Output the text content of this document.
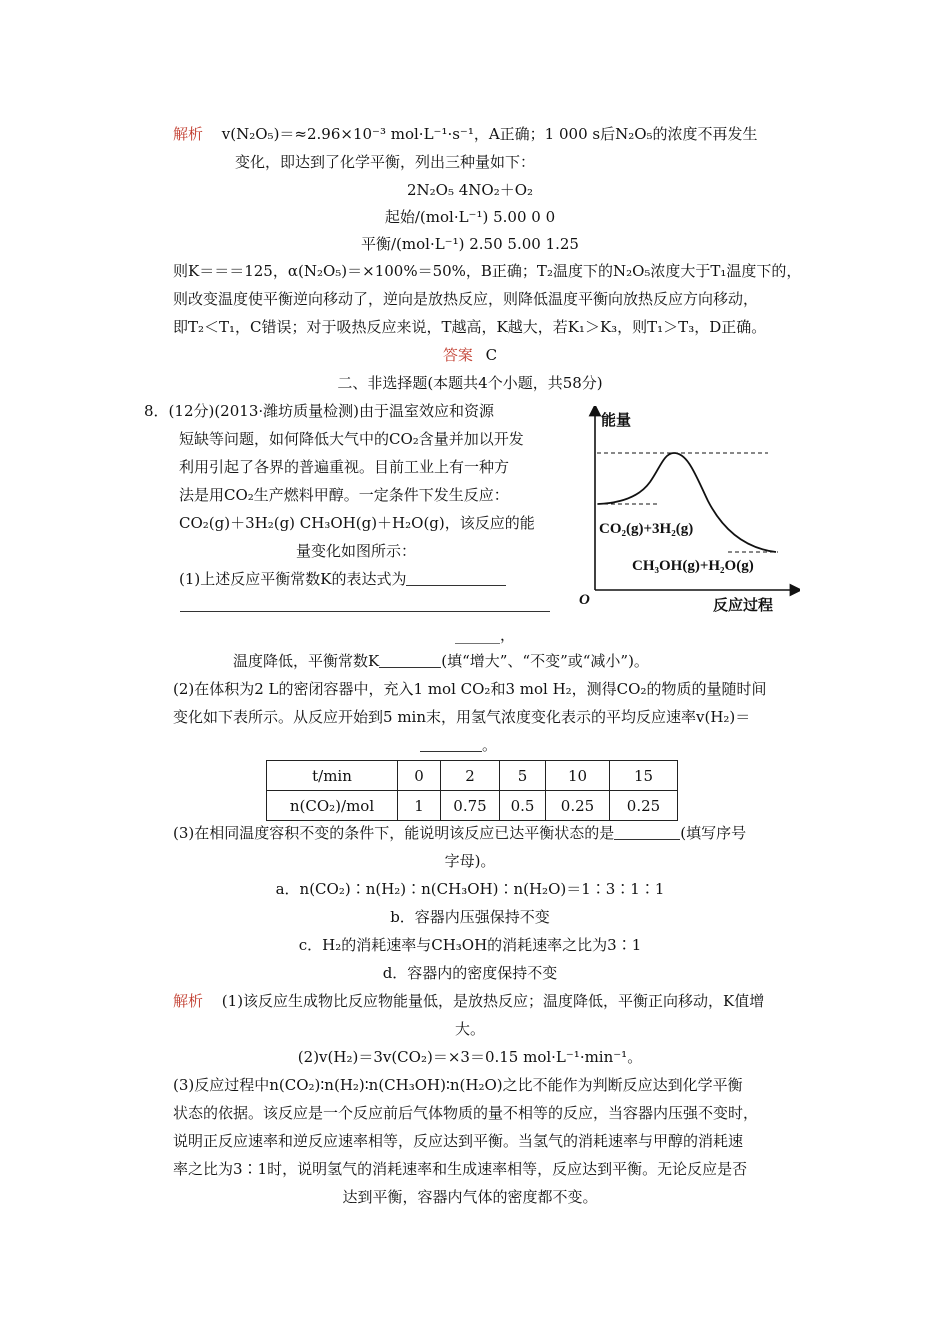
解析 v(N₂O₅)＝≈2.96×10⁻³ mol·L⁻¹·s⁻¹，A正确；1 000 s后N₂O₅的浓度不再发生
变化，即达到了化学平衡，列出三种量如下：
2N₂O₅ 4NO₂＋O₂
起始/(mol·L⁻¹) 5.00 0 0
平衡/(mol·L⁻¹) 2.50 5.00 1.25
则K＝＝＝125，α(N₂O₅)＝×100%＝50%，B正确；T₂温度下的N₂O₅浓度大于T₁温度下的，
则改变温度使平衡逆向移动了，逆向是放热反应，则降低温度平衡向放热反应方向移动，
即T₂＜T₁，C错误；对于吸热反应来说，T越高，K越大，若K₁＞K₃，则T₁＞T₃，D正确。
答案 C
二、非选择题(本题共4个小题，共58分)
8．(12分)(2013·潍坊质量检测)由于温室效应和资源
短缺等问题，如何降低大气中的CO₂含量并加以开发
利用引起了各界的普遍重视。目前工业上有一种方
法是用CO₂生产燃料甲醇。一定条件下发生反应：
CO₂(g)＋3H₂(g) CH₃OH(g)＋H₂O(g)，该反应的能
量变化如图所示：
(1)上述反应平衡常数K的表达式为
______，
温度降低，平衡常数K	(填“增大”、“不变”或“减小”)。
(2)在体积为2 L的密闭容器中，充入1 mol CO₂和3 mol H₂，测得CO₂的物质的量随时间
变化如下表所示。从反应开始到5 min末，用氢气浓度变化表示的平均反应速率v(H₂)＝
。
t/min	0	2	5	10	15
n(CO₂)/mol	1	0.75	0.5	0.25	0.25
(3)在相同温度容积不变的条件下，能说明该反应已达平衡状态的是	(填写序号
字母)。
a．n(CO₂)∶n(H₂)∶n(CH₃OH)∶n(H₂O)＝1∶3∶1∶1
b．容器内压强保持不变
c．H₂的消耗速率与CH₃OH的消耗速率之比为3∶1
d．容器内的密度保持不变
解析 (1)该反应生成物比反应物能量低，是放热反应；温度降低，平衡正向移动，K值增
大。
(2)v(H₂)＝3v(CO₂)＝×3＝0.15 mol·L⁻¹·min⁻¹。
(3)反应过程中n(CO₂)∶n(H₂)∶n(CH₃OH)∶n(H₂O)之比不能作为判断反应达到化学平衡
状态的依据。该反应是一个反应前后气体物质的量不相等的反应，当容器内压强不变时，
说明正反应速率和逆反应速率相等，反应达到平衡。当氢气的消耗速率与甲醇的消耗速
率之比为3∶1时，说明氢气的消耗速率和生成速率相等，反应达到平衡。无论反应是否
达到平衡，容器内气体的密度都不变。
能量
CO₂(g)+3H₂(g)
CH₃OH(g)+H₂O(g)
O	反应过程
